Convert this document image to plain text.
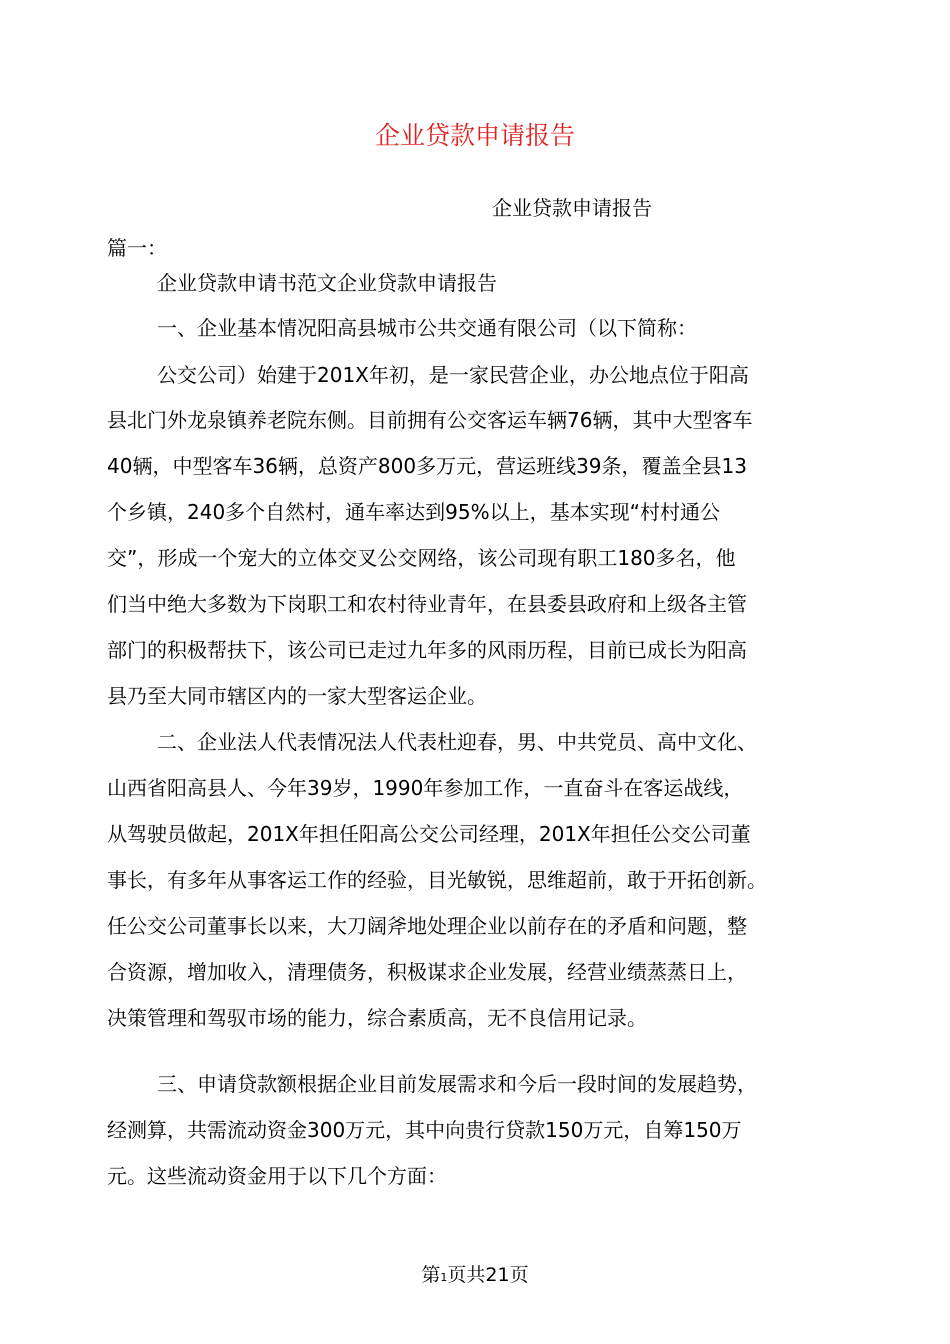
企业贷款申请报告
企业贷款申请报告
篇一：
企业贷款申请书范文企业贷款申请报告
一、企业基本情况阳高县城市公共交通有限公司（以下简称：
公交公司）始建于201X年初，是一家民营企业，办公地点位于阳高
县北门外龙泉镇养老院东侧。目前拥有公交客运车辆76辆，其中大型客车
40辆，中型客车36辆，总资产800多万元，营运班线39条，覆盖全县13
个乡镇，240多个自然村，通车率达到95%以上，基本实现“村村通公
交”，形成一个宠大的立体交叉公交网络，该公司现有职工180多名，他
们当中绝大多数为下岗职工和农村待业青年，在县委县政府和上级各主管
部门的积极帮扶下，该公司已走过九年多的风雨历程，目前已成长为阳高
县乃至大同市辖区内的一家大型客运企业。
二、企业法人代表情况法人代表杜迎春，男、中共党员、高中文化、
山西省阳高县人、今年39岁，1990年参加工作，一直奋斗在客运战线，
从驾驶员做起，201X年担任阳高公交公司经理，201X年担任公交公司董
事长，有多年从事客运工作的经验，目光敏锐，思维超前，敢于开拓创新。
任公交公司董事长以来，大刀阔斧地处理企业以前存在的矛盾和问题，整
合资源，增加收入，清理债务，积极谋求企业发展，经营业绩蒸蒸日上，
决策管理和驾驭市场的能力，综合素质高，无不良信用记录。
三、申请贷款额根据企业目前发展需求和今后一段时间的发展趋势，
经测算，共需流动资金300万元，其中向贵行贷款150万元，自筹150万
元。这些流动资金用于以下几个方面：
第1页共21页
